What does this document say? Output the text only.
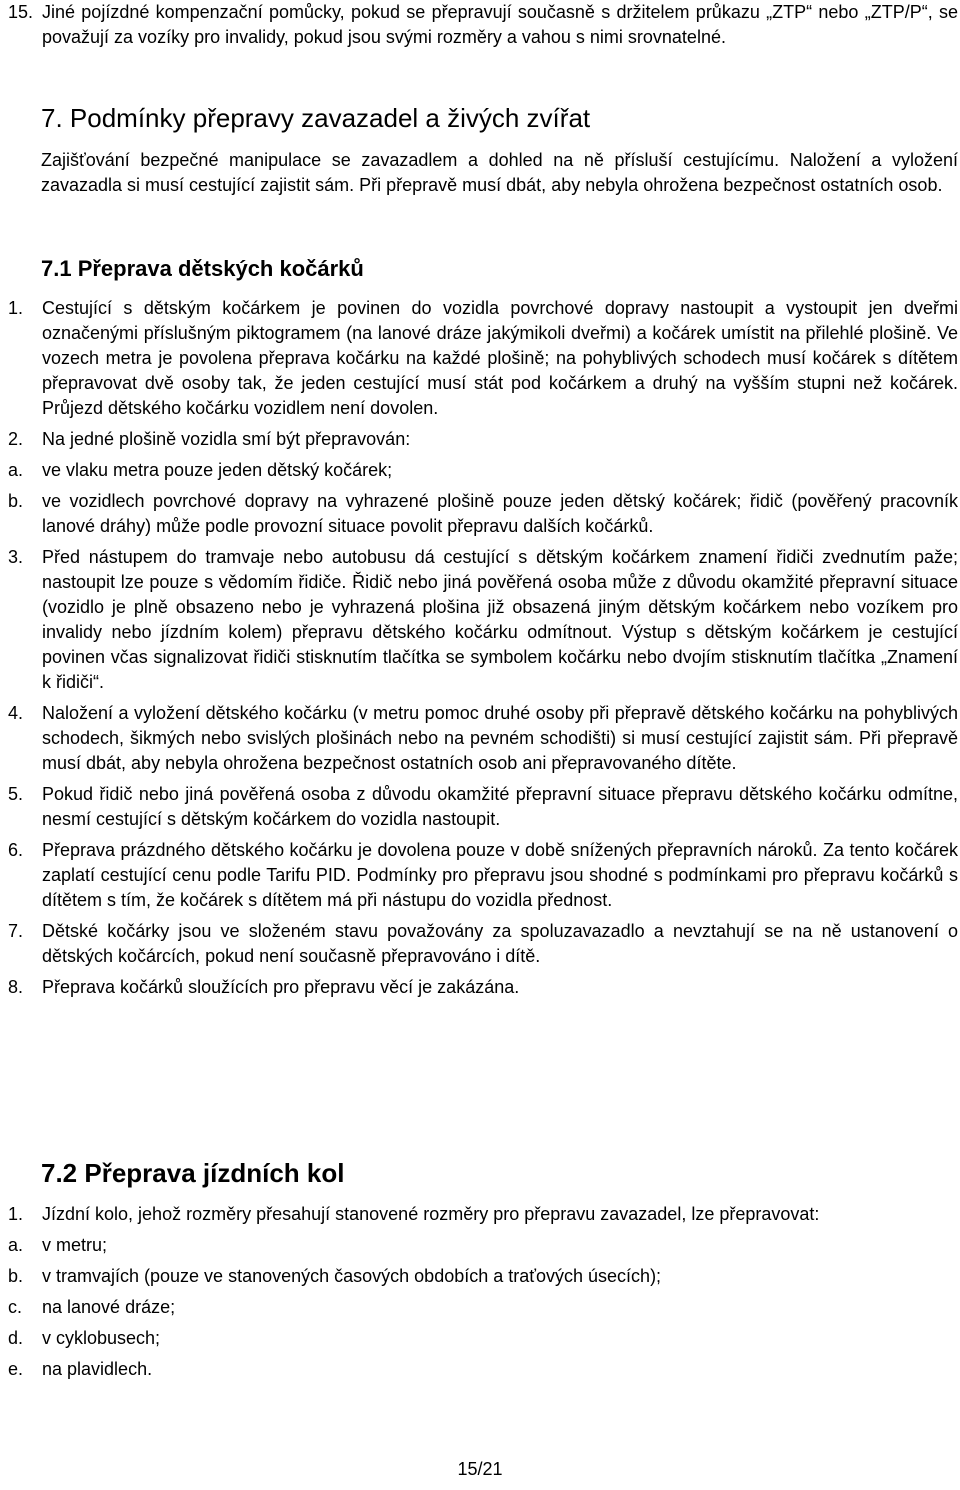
15. Jiné pojízdné kompenzační pomůcky, pokud se přepravují současně s držitelem průkazu „ZTP“ nebo „ZTP/P“, se považují za vozíky pro invalidy, pokud jsou svými rozměry a vahou s nimi srovnatelné.
7. Podmínky přepravy zavazadel a živých zvířat
Zajišťování bezpečné manipulace se zavazadlem a dohled na ně přísluší cestujícímu. Naložení a vyložení zavazadla si musí cestující zajistit sám. Při přepravě musí dbát, aby nebyla ohrožena bezpečnost ostatních osob.
7.1 Přeprava dětských kočárků
1.	Cestující s dětským kočárkem je povinen do vozidla povrchové dopravy nastoupit a vystoupit jen dveřmi označenými příslušným piktogramem (na lanové dráze jakýmikoli dveřmi) a kočárek umístit na přilehlé plošině. Ve vozech metra je povolena přeprava kočárku na každé plošině; na pohyblivých schodech musí kočárek s dítětem přepravovat dvě osoby tak, že jeden cestující musí stát pod kočárkem a druhý na vyšším stupni než kočárek. Průjezd dětského kočárku vozidlem není dovolen.
2.	Na jedné plošině vozidla smí být přepravován:
a.	ve vlaku metra pouze jeden dětský kočárek;
b.	ve vozidlech povrchové dopravy na vyhrazené plošině pouze jeden dětský kočárek; řidič (pověřený pracovník lanové dráhy) může podle provozní situace povolit přepravu dalších kočárků.
3.	Před nástupem do tramvaje nebo autobusu dá cestující s dětským kočárkem znamení řidiči zvednutím paže; nastoupit lze pouze s vědomím řidiče. Řidič nebo jiná pověřená osoba může z důvodu okamžité přepravní situace (vozidlo je plně obsazeno nebo je vyhrazená plošina již obsazená jiným dětským kočárkem nebo vozíkem pro invalidy nebo jízdním kolem) přepravu dětského kočárku odmítnout. Výstup s dětským kočárkem je cestující povinen včas signalizovat řidiči stisknutím tlačítka se symbolem kočárku nebo dvojím stisknutím tlačítka „Znamení k řidiči“.
4.	Naložení a vyložení dětského kočárku (v metru pomoc druhé osoby při přepravě dětského kočárku na pohyblivých schodech, šikmých nebo svislých plošinách nebo na pevném schodišti) si musí cestující zajistit sám. Při přepravě musí dbát, aby nebyla ohrožena bezpečnost ostatních osob ani přepravovaného dítěte.
5.	Pokud řidič nebo jiná pověřená osoba z důvodu okamžité přepravní situace přepravu dětského kočárku odmítne, nesmí cestující s dětským kočárkem do vozidla nastoupit.
6.	Přeprava prázdného dětského kočárku je dovolena pouze v době snížených přepravních nároků. Za tento kočárek zaplatí cestující cenu podle Tarifu PID. Podmínky pro přepravu jsou shodné s podmínkami pro přepravu kočárků s dítětem s tím, že kočárek s dítětem má při nástupu do vozidla přednost.
7.	Dětské kočárky jsou ve složeném stavu považovány za spoluzavazadlo a nevztahují se na ně ustanovení o dětských kočárcích, pokud není současně přepravováno i dítě.
8.	Přeprava kočárků sloužících pro přepravu věcí je zakázána.
7.2 Přeprava jízdních kol
1.	Jízdní kolo, jehož rozměry přesahují stanovené rozměry pro přepravu zavazadel, lze přepravovat:
a.	v metru;
b.	v tramvajích (pouze ve stanovených časových obdobích a traťových úsecích);
c.	na lanové dráze;
d.	v cyklobusech;
e.	na plavidlech.
15/21
